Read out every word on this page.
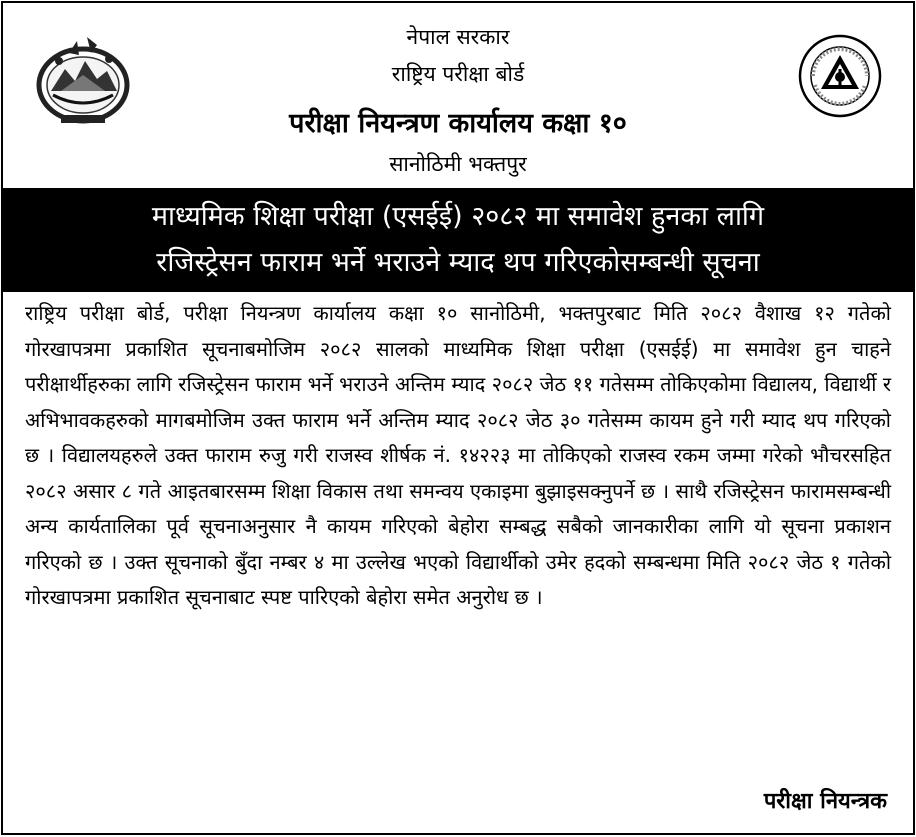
नेपाल सरकार
राष्ट्रिय परीक्षा बोर्ड
परीक्षा नियन्त्रण कार्यालय कक्षा १०
सानोठिमी भक्तपुर
माध्यमिक शिक्षा परीक्षा (एसईई) २०८२ मा समावेश हुनका लागि
रजिस्ट्रेसन फाराम भर्ने भराउने म्याद थप गरिएकोसम्बन्धी सूचना
राष्ट्रिय परीक्षा बोर्ड, परीक्षा नियन्त्रण कार्यालय कक्षा १० सानोठिमी, भक्तपुरबाट मिति २०८२ वैशाख १२ गतेको गोरखापत्रमा प्रकाशित सूचनाबमोजिम २०८२ सालको माध्यमिक शिक्षा परीक्षा (एसईई) मा समावेश हुन चाहने परीक्षार्थीहरुका लागि रजिस्ट्रेसन फाराम भर्ने भराउने अन्तिम म्याद २०८२ जेठ ११ गतेसम्म तोकिएकोमा विद्यालय, विद्यार्थी र अभिभावकहरुको मागबमोजिम उक्त फाराम भर्ने अन्तिम म्याद २०८२ जेठ ३० गतेसम्म कायम हुने गरी म्याद थप गरिएको छ । विद्यालयहरुले उक्त फाराम रुजु गरी राजस्व शीर्षक नं. १४२२३ मा तोकिएको राजस्व रकम जम्मा गरेको भौचरसहित २०८२ असार ८ गते आइतबारसम्म शिक्षा विकास तथा समन्वय एकाइमा बुझाइसक्नुपर्ने छ । साथै रजिस्ट्रेसन फारामसम्बन्धी अन्य कार्यतालिका पूर्व सूचनाअनुसार नै कायम गरिएको बेहोरा सम्बद्ध सबैको जानकारीका लागि यो सूचना प्रकाशन गरिएको छ । उक्त सूचनाको बुँदा नम्बर ४ मा उल्लेख भएको विद्यार्थीको उमेर हदको सम्बन्धमा मिति २०८२ जेठ १ गतेको गोरखापत्रमा प्रकाशित सूचनाबाट स्पष्ट पारिएको बेहोरा समेत अनुरोध छ ।
परीक्षा नियन्त्रक
